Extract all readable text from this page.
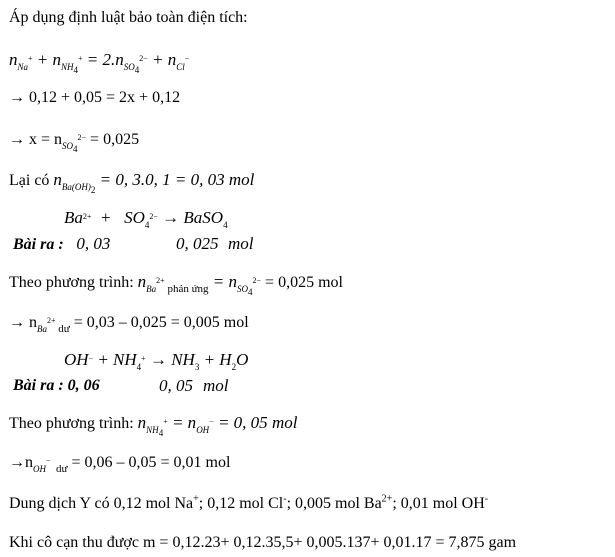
Áp dụng định luật bảo toàn điện tích:
$n_{Na}^+ + n_{NH4}^+ = 2.n_{SO4}^{2-} + n_{Cl}^-$
→ 0,12 + 0,05 = 2x + 0,12
→ $x = n_{SO4}^{2-} = 0,025$
Lại có $n_{Ba(OH)2} = 0$, 3.0, 1 = 0, 03 mol
$Ba^{2+} + SO_4^{2-}$ → BaSO$_4$
Bài ra :   0, 03	0, 025 mol
Theo phương trình: $n_{Ba}^{2+}$ $_{phản ứng} = n_{SO4}^{2-} = 0,025$ mol
→ $n_{Ba}^{2+}$ $_{dư}$ = 0,03 – 0,025 = 0,005 mol
$OH^- + NH_4^+ \to NH_3 + H_2O$
Bài ra : 0, 06	0, 05 mol
Theo phương trình: $n_{NH4}^+ = n_{OH}^- = 0$, 05 mol
$\to n_{OH}^-$  $_{dư}$ = 0,06 – 0,05 = 0,01 mol
Dung dịch Y có 0,12 mol Na+; 0,12 mol Cl-; 0,005 mol $Ba^{2+}$; 0,01 mol OH-
Khi cô cạn thu được m = 0,12.23+ 0,12.35,5+ 0,005.137+ 0,01.17 = 7,875 gam
